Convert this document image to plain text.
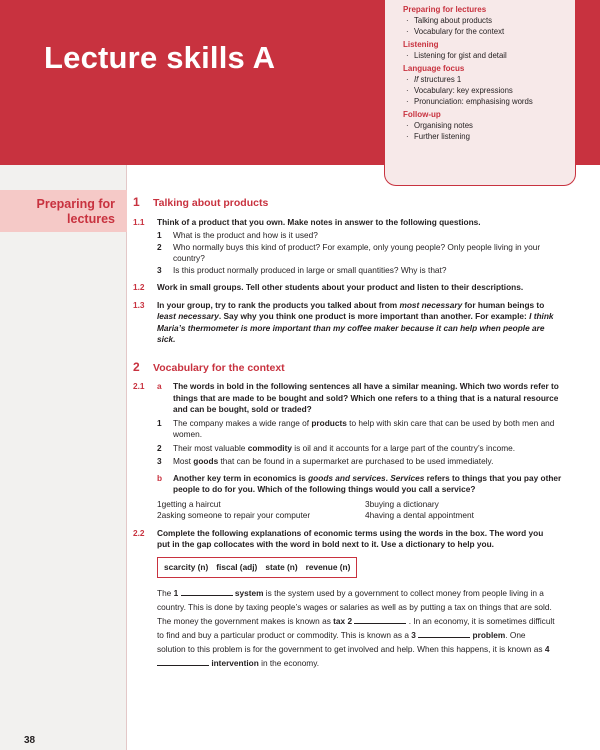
Lecture skills A
Preparing for lectures
· Talking about products
· Vocabulary for the context
Listening
· Listening for gist and detail
Language focus
· If structures 1
· Vocabulary: key expressions
· Pronunciation: emphasising words
Follow-up
· Organising notes
· Further listening
Preparing for
lectures
38
1	Talking about products
1.1	Think of a product that you own. Make notes in answer to the following questions.
1	What is the product and how is it used?
2	Who normally buys this kind of product? For example, only young people? Only people living in your country?
3	Is this product normally produced in large or small quantities? Why is that?
1.2	Work in small groups. Tell other students about your product and listen to their descriptions.
1.3	In your group, try to rank the products you talked about from most necessary for human beings to least necessary. Say why you think one product is more important than another. For example: I think Maria’s thermometer is more important than my coffee maker because it can help when people are sick.
2	Vocabulary for the context
2.1	a	The words in bold in the following sentences all have a similar meaning. Which two words refer to things that are made to be bought and sold? Which one refers to a thing that is a natural resource and can be bought, sold or traded?
1	The company makes a wide range of products to help with skin care that can be used by both men and women.
2	Their most valuable commodity is oil and it accounts for a large part of the country’s income.
3	Most goods that can be found in a supermarket are purchased to be used immediately.
b	Another key term in economics is goods and services. Services refers to things that you pay other people to do for you. Which of the following things would you call a service?
1 getting a haircut	3 buying a dictionary
2 asking someone to repair your computer	4 having a dental appointment
2.2	Complete the following explanations of economic terms using the words in the box. The word you put in the gap collocates with the word in bold next to it. Use a dictionary to help you.
scarcity (n) fiscal (adj) state (n) revenue (n)
The 1	system is the system used by a government to collect money from people living in a country. This is done by taxing people’s wages or salaries as well as by putting a tax on things that are sold. The money the government makes is known as tax 2	. In an economy, it is sometimes difficult to find and buy a particular product or commodity. This is known as a 3	problem. One solution to this problem is for the government to get involved and help. When this happens, it is known as 4  intervention in the economy.
